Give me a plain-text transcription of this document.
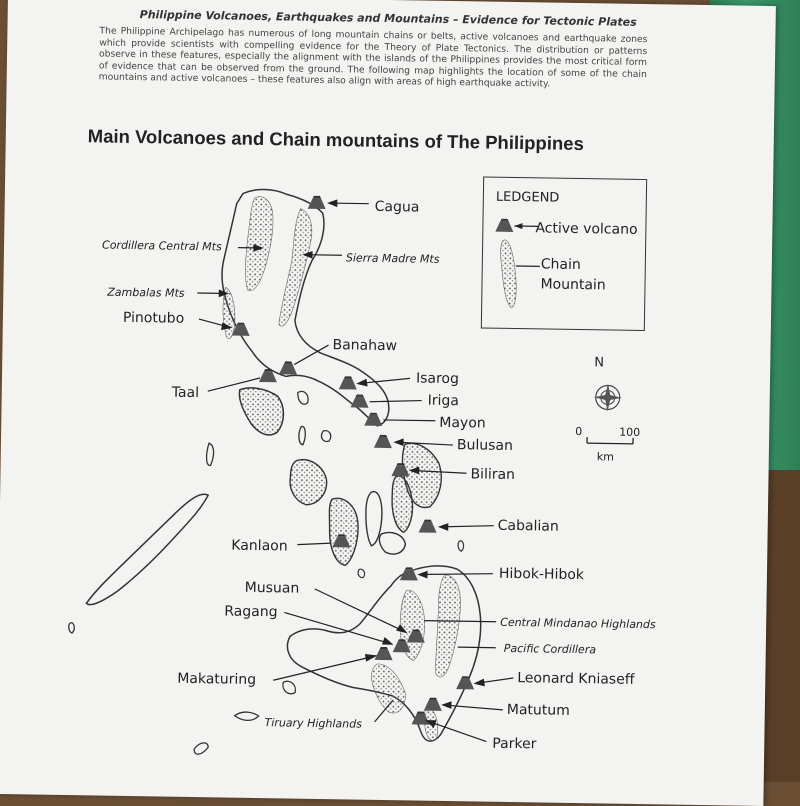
Philippine Volcanoes, Earthquakes and Mountains – Evidence for Tectonic Plates
The Philippine Archipelago has numerous of long mountain chains or belts, active volcanoes and earthquake zones which provide scientists with compelling evidence for the Theory of Plate Tectonics. The distribution or patterns observe in these features, especially the alignment with the islands of the Philippines provides the most critical form of evidence that can be observed from the ground. The following map highlights the location of some of the chain mountains and active volcanoes – these features also align with areas of high earthquake activity.
Main Volcanoes and Chain mountains of The Philippines
Cagua
Cordillera Central Mts
Sierra Madre Mts
Zambalas Mts
Pinotubo
Banahaw
Taal
Isarog
Iriga
Mayon
Bulusan
Biliran
Cabalian
Kanlaon
Hibok-Hibok
Musuan
Ragang
Central Mindanao Highlands
Pacific Cordillera
Makaturing	Leonard Kniaseff
Matutum
Tiruary Highlands
Parker
LEDGEND
Active volcano
Chain Mountain
N
0	100
km
